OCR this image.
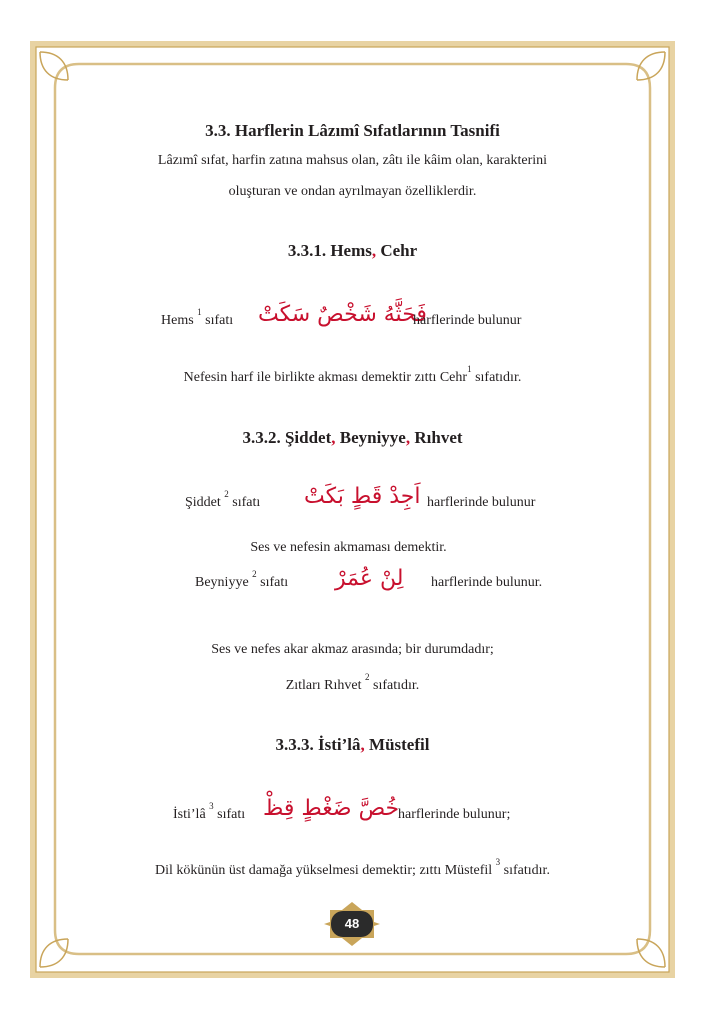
3.3. Harflerin Lâzımî Sıfatlarının Tasnifi
Lâzımî sıfat, harfin zatına mahsus olan, zâtı ile kâim olan, karakterini
oluşturan ve ondan ayrılmayan özelliklerdir.
3.3.1. Hems, Cehr
Hems $^1$ sıfatı فَحَثَّهُ شَخْصٌ سَكَتْ
harflerinde bulunur
Nefesin harf ile birlikte akması demektir zıttı Cehr$^1$ sıfatıdır.
3.3.2. Şiddet, Beyniyye, Rıhvet
Şiddet $^2$ sıfatı اَجِدْ قَطٍ بَكَتْ harflerinde bulunur
Ses ve nefesin akmaması demektir.
Beyniyye $^2$ sıfatı لِنْ عُمَرْ harflerinde bulunur.
Ses ve nefes akar akmaz arasında; bir durumdadır;
Zıtları Rıhvet $^2$ sıfatıdır.
3.3.3. İsti’lâ, Müstefil
İsti’lâ $^3$ sıfatı خُصَّ ضَغْطٍ قِظْ
harflerinde bulunur;
Dil kökünün üst damağa yükselmesi demektir; zıttı Müstefil $^3$ sıfatıdır.
48
